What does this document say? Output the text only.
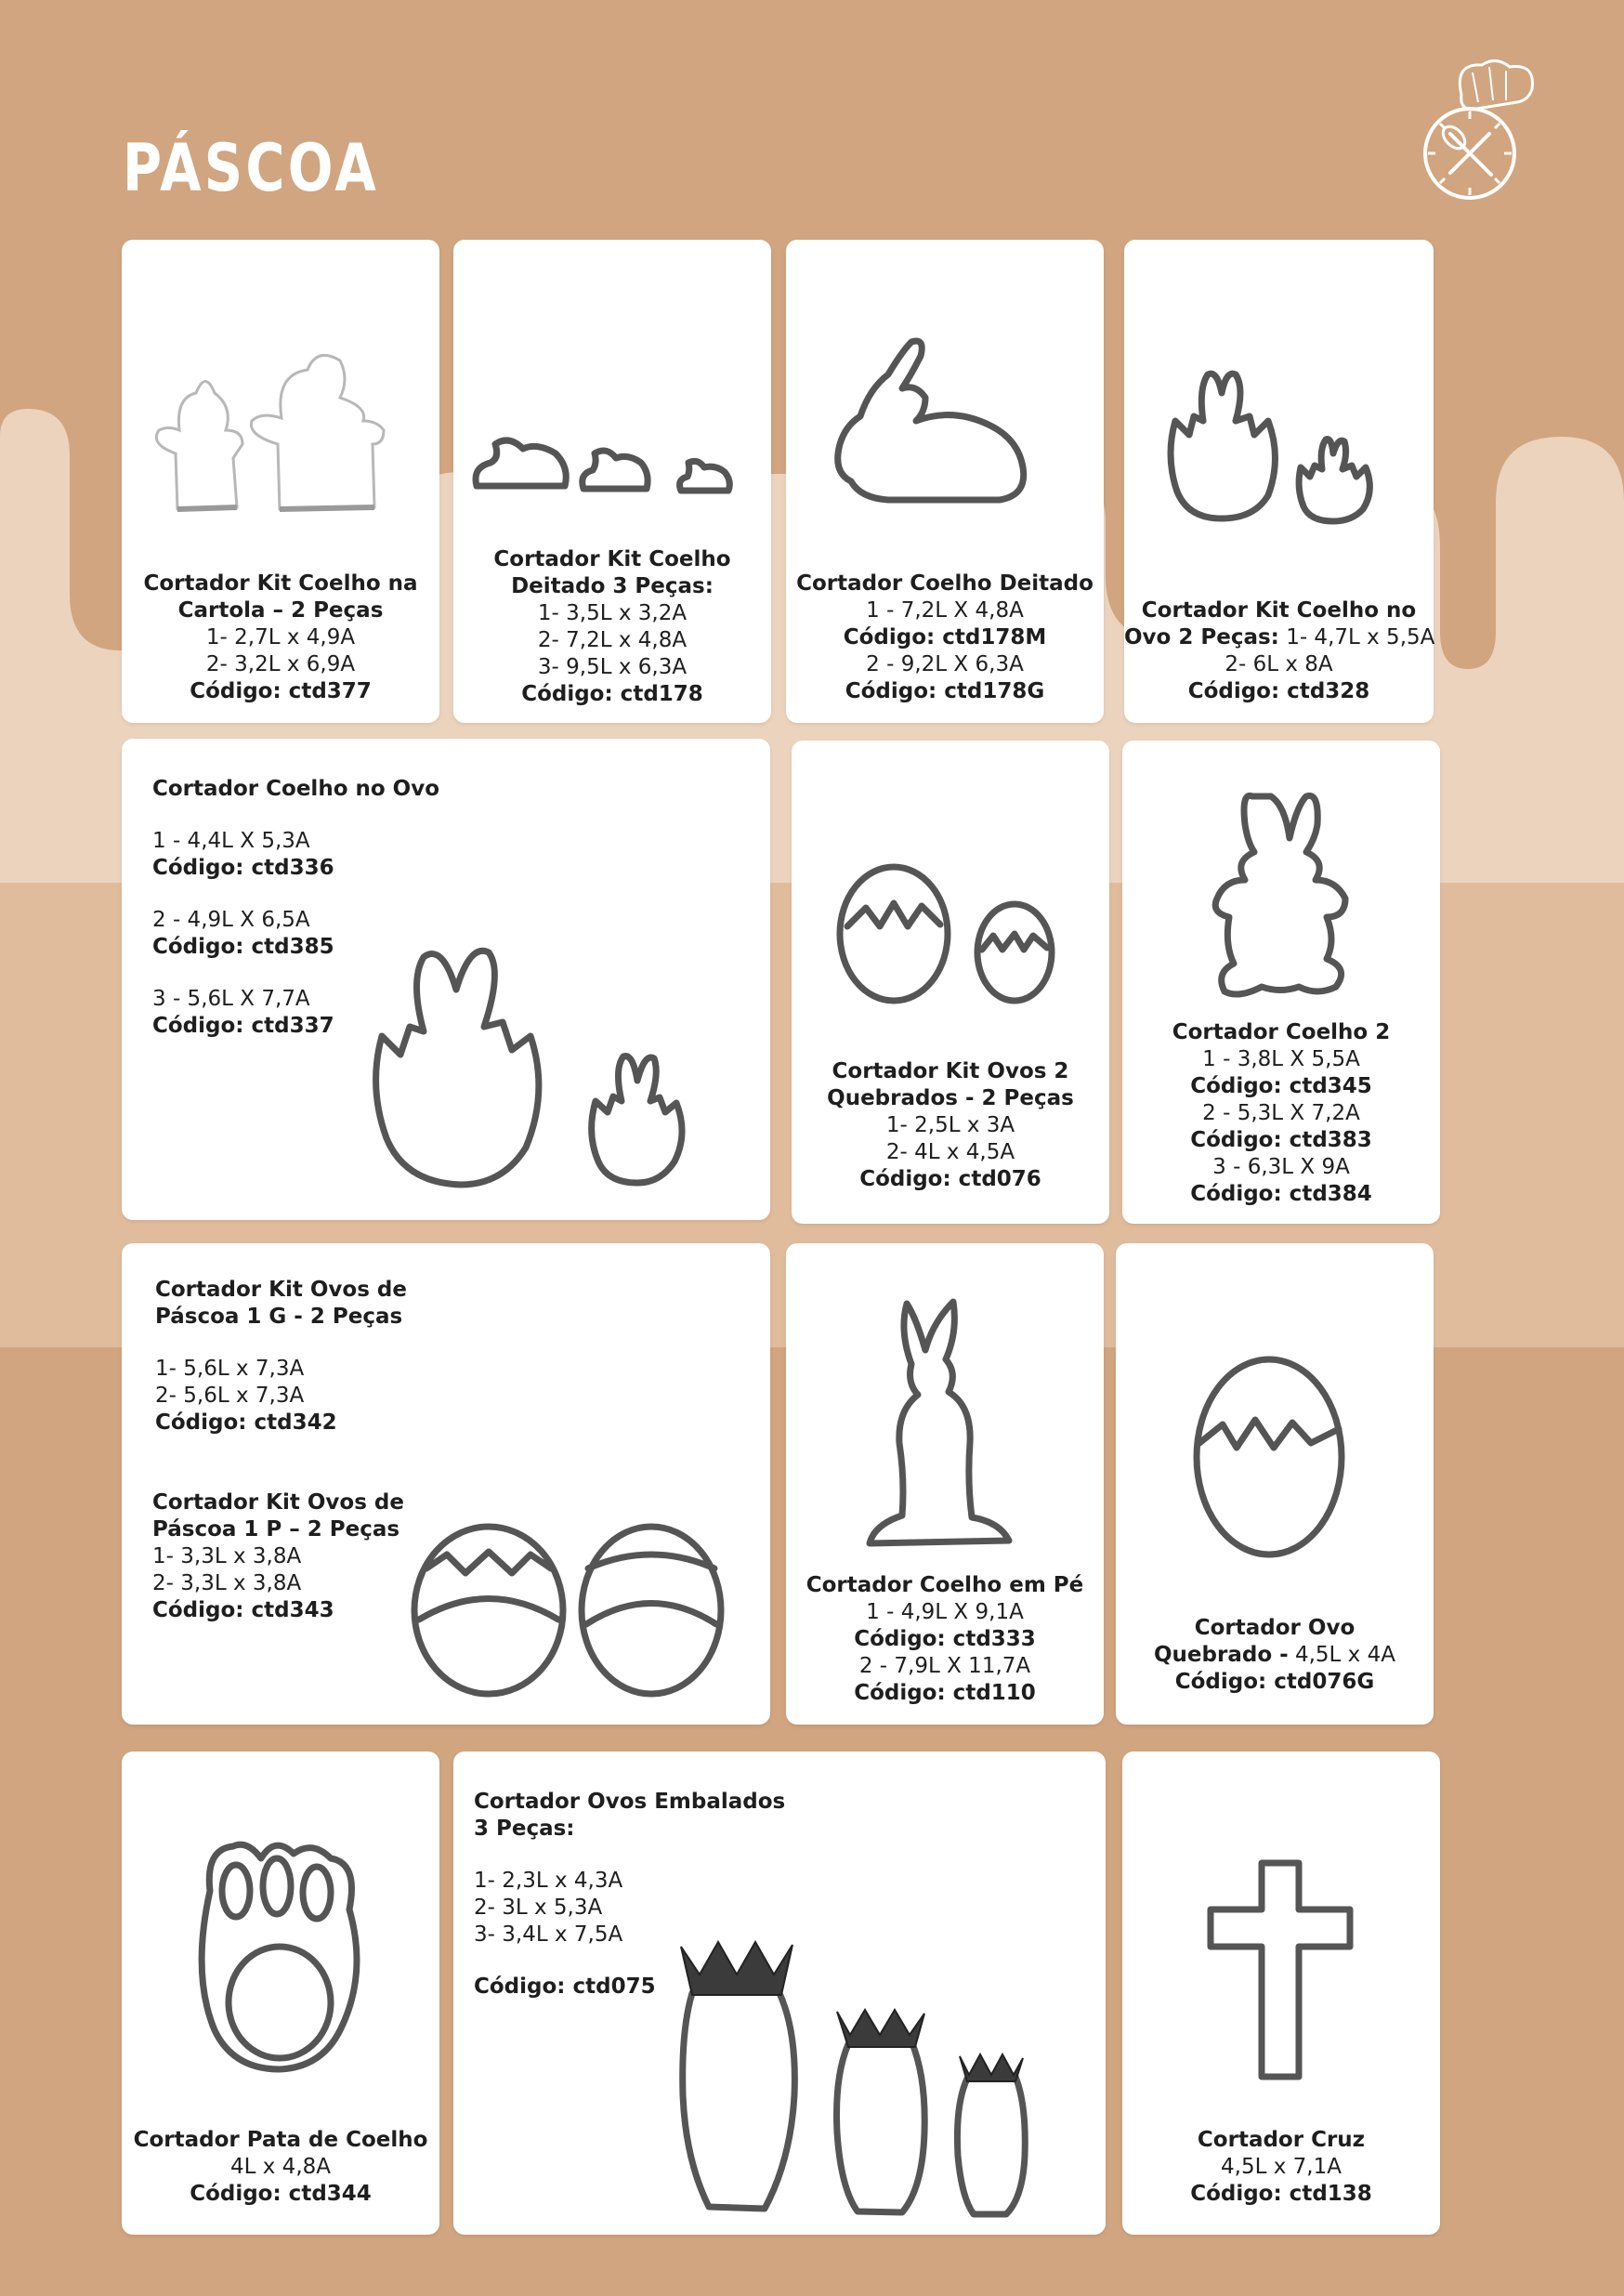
PÁSCOA
Cortador Kit Coelho na
Cartola – 2 Peças
1- 2,7L x 4,9A
2- 3,2L x 6,9A
Código: ctd377
Cortador Kit Coelho
Deitado 3 Peças:
1- 3,5L x 3,2A
2- 7,2L x 4,8A
3- 9,5L x 6,3A
Código: ctd178
Cortador Coelho Deitado
1 - 7,2L X 4,8A
Código: ctd178M
2 - 9,2L X 6,3A
Código: ctd178G
Cortador Kit Coelho no
Ovo 2 Peças: 1- 4,7L x 5,5A
2- 6L x 8A
Código: ctd328
Cortador Coelho no Ovo
1 - 4,4L X 5,3A
Código: ctd336
2 - 4,9L X 6,5A
Código: ctd385
3 - 5,6L X 7,7A
Código: ctd337
Cortador Kit Ovos 2
Quebrados - 2 Peças
1- 2,5L x 3A
2- 4L x 4,5A
Código: ctd076
Cortador Coelho 2
1 - 3,8L X 5,5A
Código: ctd345
2 - 5,3L X 7,2A
Código: ctd383
3 - 6,3L X 9A
Código: ctd384
Cortador Kit Ovos de
Páscoa 1 G - 2 Peças
1- 5,6L x 7,3A
2- 5,6L x 7,3A
Código: ctd342
Cortador Kit Ovos de
Páscoa 1 P – 2 Peças
1- 3,3L x 3,8A
2- 3,3L x 3,8A
Código: ctd343
Cortador Coelho em Pé
1 - 4,9L X 9,1A
Código: ctd333
2 - 7,9L X 11,7A
Código: ctd110
Cortador Ovo
Quebrado - 4,5L x 4A
Código: ctd076G
Cortador Pata de Coelho
4L x 4,8A
Código: ctd344
Cortador Ovos Embalados
3 Peças:
1- 2,3L x 4,3A
2- 3L x 5,3A
3- 3,4L x 7,5A
Código: ctd075
Cortador Cruz
4,5L x 7,1A
Código: ctd138
